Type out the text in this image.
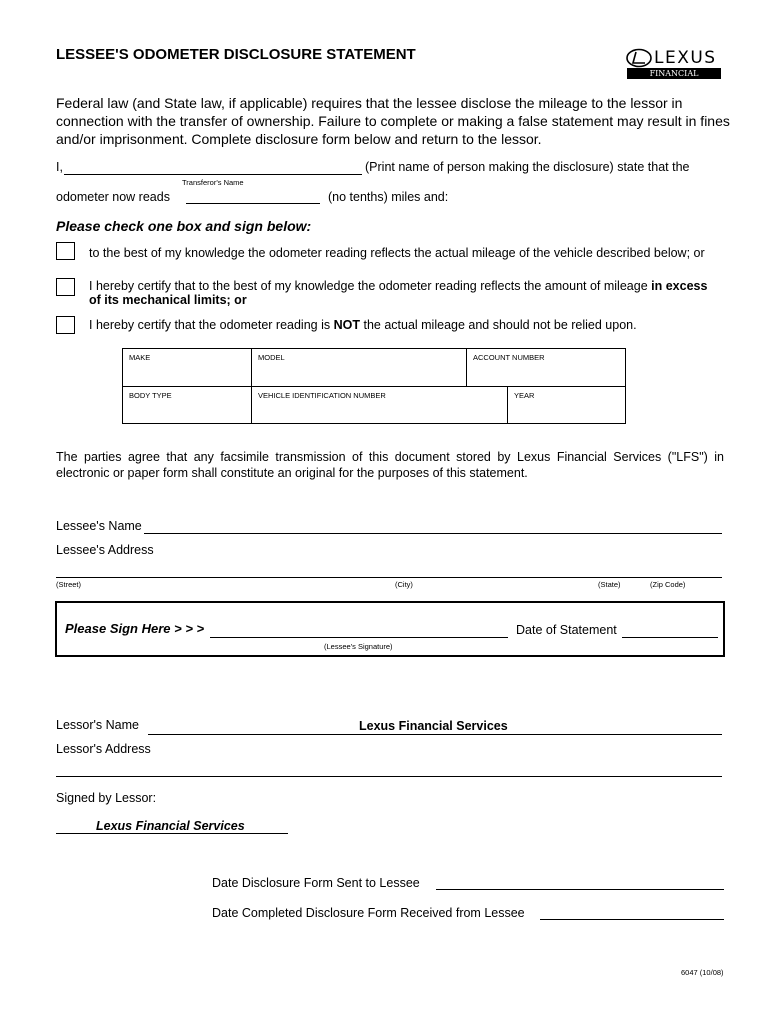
LESSEE'S ODOMETER DISCLOSURE STATEMENT	LEXUS
FINANCIAL SERVICES
Federal law (and State law, if applicable) requires that the lessee disclose the mileage to the lessor in
connection with the transfer of ownership. Failure to complete or making a false statement may result in fines
and/or imprisonment. Complete disclosure form below and return to the lessor.
I,	(Print name of person making the disclosure) state that the
Transferor's Name
odometer now reads	(no tenths) miles and:
Please check one box and sign below:
to the best of my knowledge the odometer reading reflects the actual mileage of the vehicle described below; or
I hereby certify that to the best of my knowledge the odometer reading reflects the amount of mileage in excess
of its mechanical limits; or
I hereby certify that the odometer reading is NOT the actual mileage and should not be relied upon.
MAKE	MODEL	ACCOUNT NUMBER
BODY TYPE	VEHICLE IDENTIFICATION NUMBER	YEAR
The parties agree that any facsimile transmission of this document stored by Lexus Financial Services ("LFS") in
electronic or paper form shall constitute an original for the purposes of this statement.
Lessee's Name
Lessee's Address
(Street)	(City)	(State)	(Zip Code)
Please Sign Here > > >
(Lessee's Signature)
Date of Statement
Lessor's Name	Lexus Financial Services
Lessor's Address
Signed by Lessor:
Lexus Financial Services
Date Disclosure Form Sent to Lessee
Date Completed Disclosure Form Received from Lessee
6047 (10/08)
